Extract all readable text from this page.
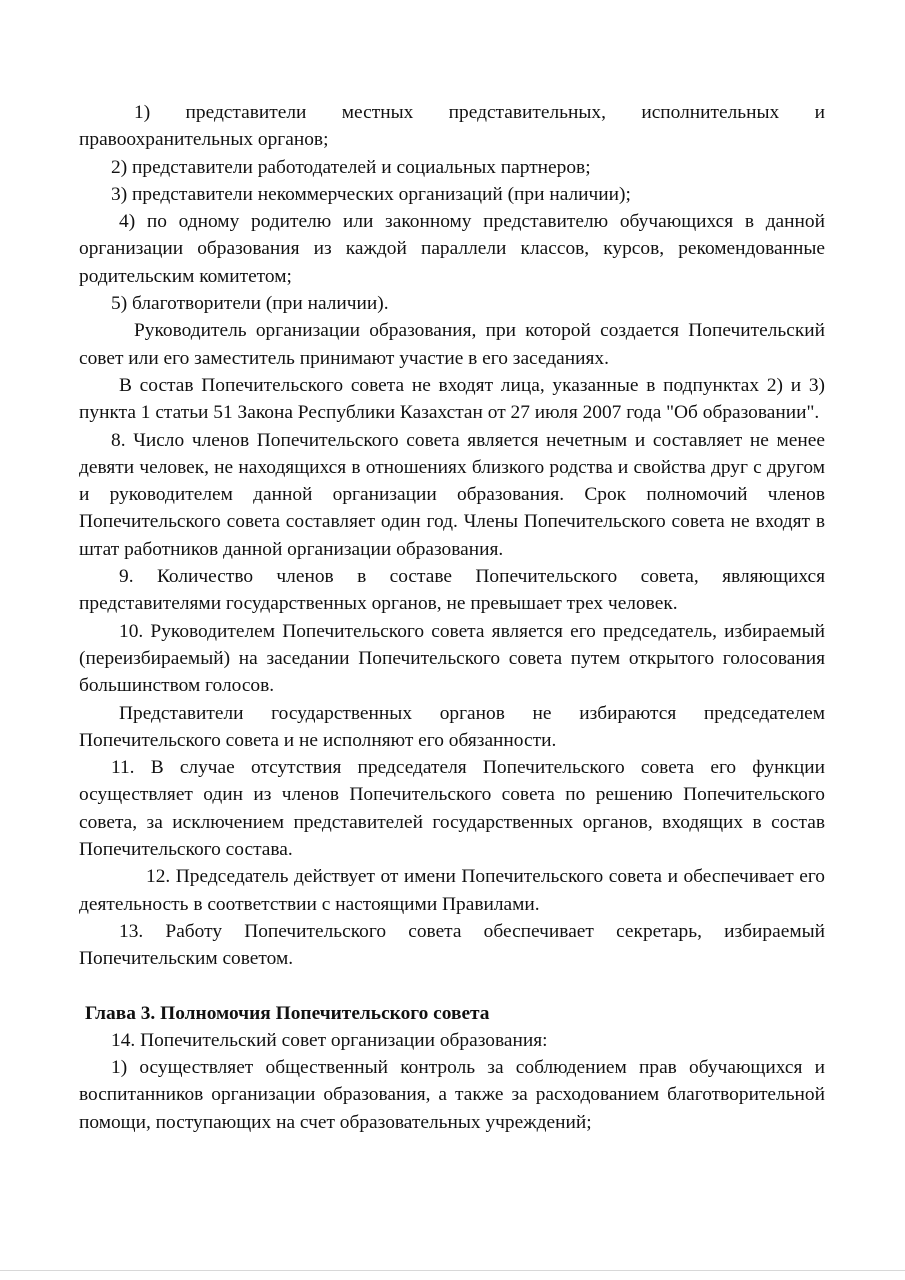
1) представители местных представительных, исполнительных и правоохранительных органов;

2) представители работодателей и социальных партнеров;

3) представители некоммерческих организаций (при наличии);

4) по одному родителю или законному представителю обучающихся в данной организации образования из каждой параллели классов, курсов, рекомендованные родительским комитетом;

5) благотворители (при наличии).

Руководитель организации образования, при которой создается Попечительский совет или его заместитель принимают участие в его заседаниях.

В состав Попечительского совета не входят лица, указанные в подпунктах 2) и 3) пункта 1 статьи 51 Закона Республики Казахстан от 27 июля 2007 года "Об образовании".

8. Число членов Попечительского совета является нечетным и составляет не менее девяти человек, не находящихся в отношениях близкого родства и свойства друг с другом и руководителем данной организации образования. Срок полномочий членов Попечительского совета составляет один год. Члены Попечительского совета не входят в штат работников данной организации образования.

9. Количество членов в составе Попечительского совета, являющихся представителями государственных органов, не превышает трех человек.

10. Руководителем Попечительского совета является его председатель, избираемый (переизбираемый) на заседании Попечительского совета путем открытого голосования большинством голосов.

Представители государственных органов не избираются председателем Попечительского совета и не исполняют его обязанности.

11. В случае отсутствия председателя Попечительского совета его функции осуществляет один из членов Попечительского совета по решению Попечительского совета, за исключением представителей государственных органов, входящих в состав Попечительского состава.

12. Председатель действует от имени Попечительского совета и обеспечивает его деятельность в соответствии с настоящими Правилами.

13. Работу Попечительского совета обеспечивает секретарь, избираемый Попечительским советом.

Глава 3. Полномочия Попечительского совета

14. Попечительский совет организации образования:

1) осуществляет общественный контроль за соблюдением прав обучающихся и воспитанников организации образования, а также за расходованием благотворительной помощи, поступающих на счет образовательных учреждений;
